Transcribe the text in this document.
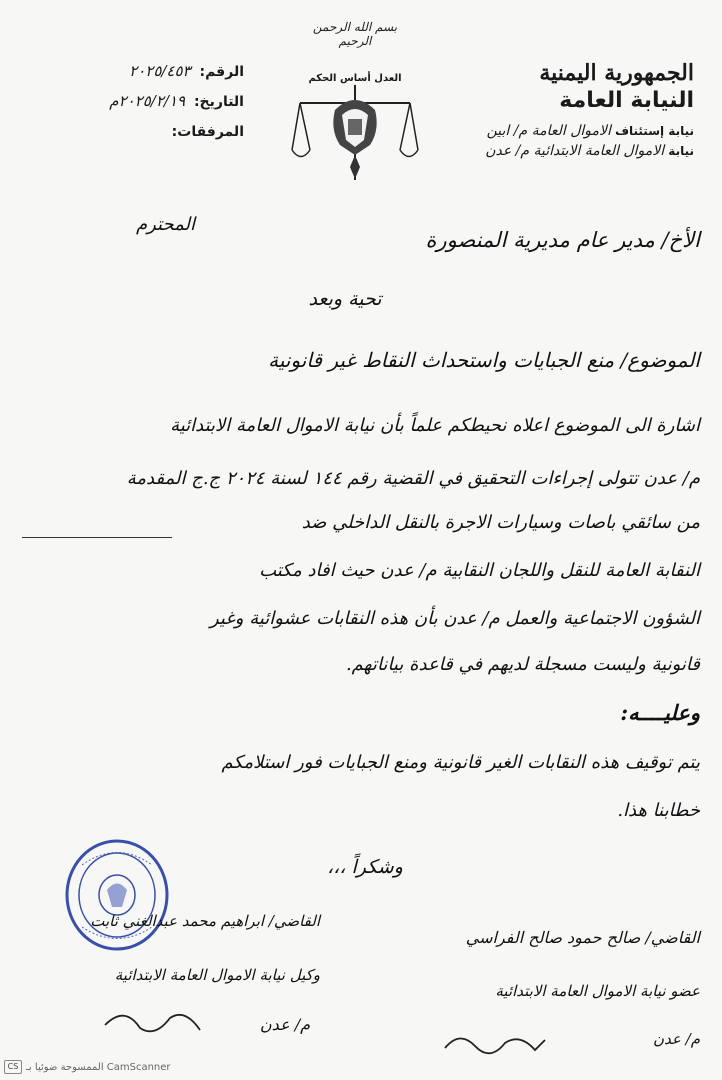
بسم الله الرحمن الرحيم
الجمهورية اليمنية
النيابة العامة
نيابة إستئناف الاموال العامة م/ ابين
نيابة الاموال العامة الابتدائية م/ عدن
العدل أساس الحكم
الرقم: ٢٠٢٥/٤٥٣
التاريخ: ٢٠٢٥/٢/١٩م
المرفقات:
المحترم
الأخ/ مدير عام مديرية المنصورة
تحية وبعد
الموضوع/ منع الجبايات واستحداث النقاط غير قانونية
اشارة الى الموضوع اعلاه نحيطكم علماً بأن نيابة الاموال العامة الابتدائية
م/ عدن تتولى إجراءات التحقيق في القضية رقم ١٤٤ لسنة ٢٠٢٤ ج.ج المقدمة
من سائقي باصات وسيارات الاجرة بالنقل الداخلي ضد
النقابة العامة للنقل واللجان النقابية م/ عدن حيث افاد مكتب
الشؤون الاجتماعية والعمل م/ عدن بأن هذه النقابات عشوائية وغير
قانونية وليست مسجلة لديهم في قاعدة بياناتهم.
وعليــــه:
يتم توقيف هذه النقابات الغير قانونية ومنع الجبايات فور استلامكم
خطابنا هذا.
وشكراً ،،،
القاضي/ صالح حمود صالح الفراسي
عضو نيابة الاموال العامة الابتدائية
م/ عدن
القاضي/ ابراهيم محمد عبدالغني ثابت
وكيل نيابة الاموال العامة الابتدائية
م/ عدن
CS الممسوحة ضوئيا بـ CamScanner
